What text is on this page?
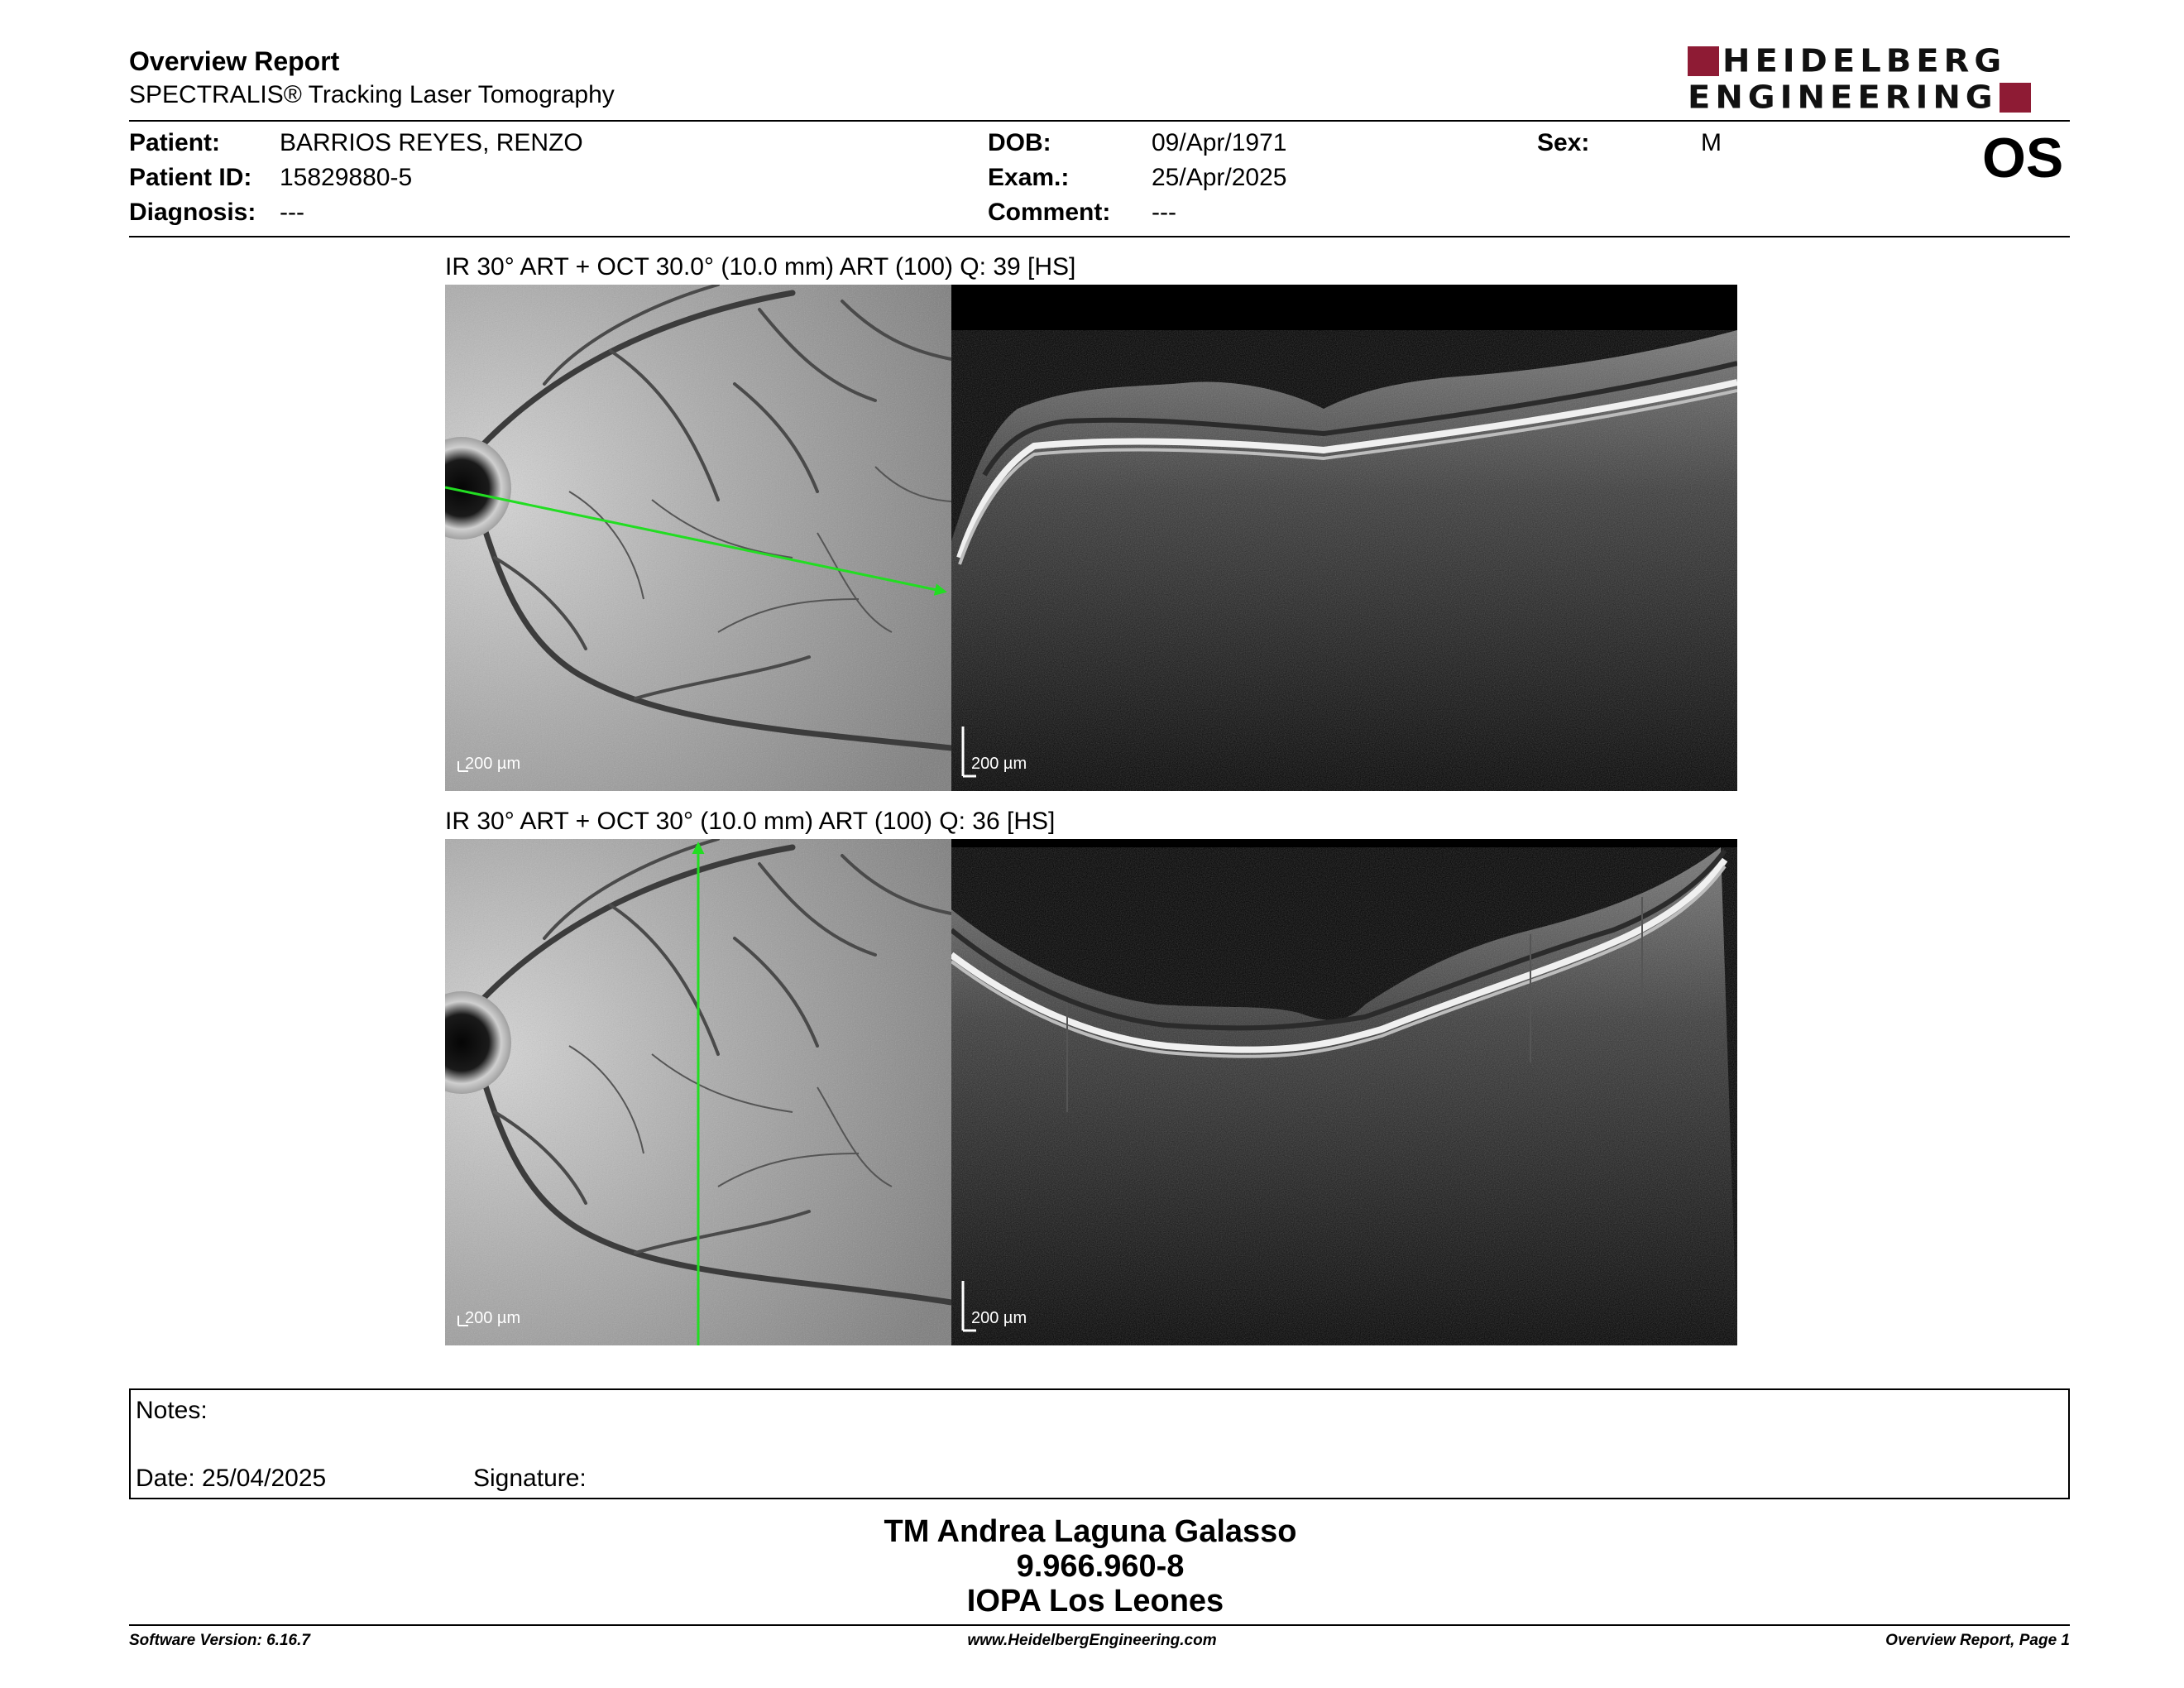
Overview Report
SPECTRALIS® Tracking Laser Tomography
HEIDELBERG
ENGINEERING
Patient: BARRIOS REYES, RENZO
Patient ID: 15829880-5
Diagnosis: ---
DOB:	09/Apr/1971
Exam.:	25/Apr/2025
Comment: ---
Sex:	M	OS
IR 30° ART + OCT 30.0° (10.0 mm) ART (100) Q: 39 [HS]
200 µm	200 µm
IR 30° ART + OCT 30° (10.0 mm) ART (100) Q: 36 [HS]
200 µm	200 µm
Notes:
Date: 25/04/2025	Signature:
TM Andrea Laguna Galasso
9.966.960-8
IOPA Los Leones
Software Version: 6.16.7	www.HeidelbergEngineering.com	Overview Report, Page 1
